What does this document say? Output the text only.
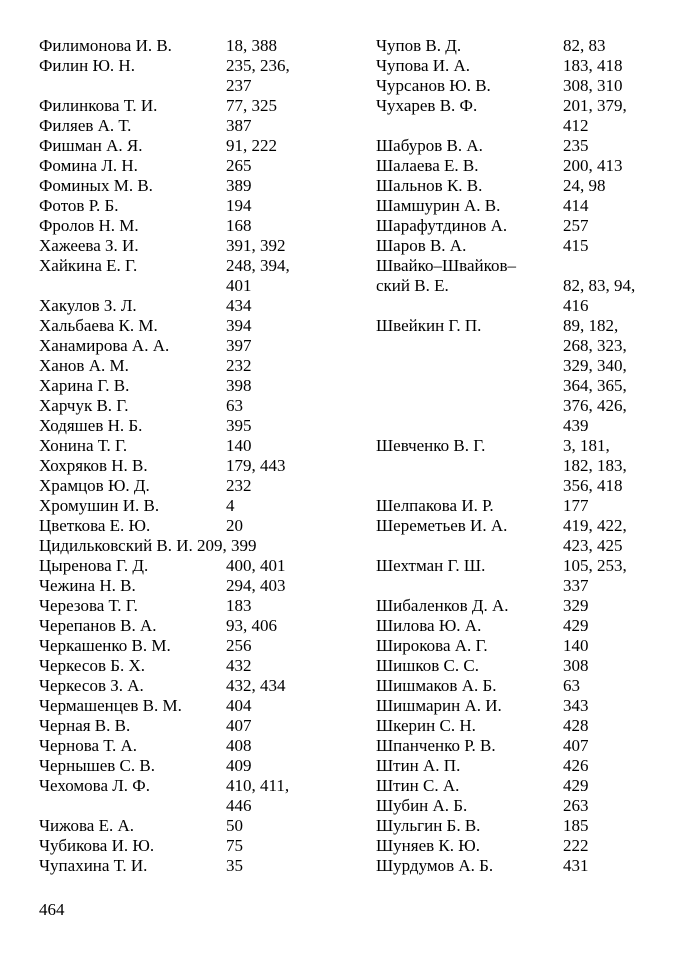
Филимонова И. В.	18, 388
Филин Ю. Н.	235, 236,
237
Филинкова Т. И.	77, 325
Филяев А. Т.	387
Фишман А. Я.	91, 222
Фомина Л. Н.	265
Фоминых М. В.	389
Фотов Р. Б.	194
Фролов Н. М.	168
Хажеева З. И.	391, 392
Хайкина Е. Г.	248, 394,
401
Хакулов З. Л.	434
Хальбаева К. М.	394
Ханамирова А. А.	397
Ханов А. М.	232
Харина Г. В.	398
Харчук В. Г.	63
Ходяшев Н. Б.	395
Хонина Т. Г.	140
Хохряков Н. В.	179, 443
Храмцов Ю. Д.	232
Хромушин И. В.	4
Цветкова Е. Ю.	20
Цидильковский В. И. 209, 399
Цыренова Г. Д.	400, 401
Чежина Н. В.	294, 403
Черезова Т. Г.	183
Черепанов В. А.	93, 406
Черкашенко В. М.	256
Черкесов Б. Х.	432
Черкесов З. А.	432, 434
Чермашенцев В. М.	404
Черная В. В.	407
Чернова Т. А.	408
Чернышев С. В.	409
Чехомова Л. Ф.	410, 411,
446
Чижова Е. А.	50
Чубикова И. Ю.	75
Чупахина Т. И.	35
Чупов В. Д.	82, 83
Чупова И. А.	183, 418
Чурсанов Ю. В.	308, 310
Чухарев В. Ф.	201, 379,
412
Шабуров В. А.	235
Шалаева Е. В.	200, 413
Шальнов К. В.	24, 98
Шамшурин А. В.	414
Шарафутдинов А.	257
Шаров В. А.	415
Швайко–Швайков–
ский В. Е.	82, 83, 94,
416
Швейкин Г. П.	89, 182,
268, 323,
329, 340,
364, 365,
376, 426,
439
Шевченко В. Г.	3, 181,
182, 183,
356, 418
Шелпакова И. Р.	177
Шереметьев И. А.	419, 422,
423, 425
Шехтман Г. Ш.	105, 253,
337
Шибаленков Д. А.	329
Шилова Ю. А.	429
Широкова А. Г.	140
Шишков С. С.	308
Шишмаков А. Б.	63
Шишмарин А. И.	343
Шкерин С. Н.	428
Шпанченко Р. В.	407
Штин А. П.	426
Штин С. А.	429
Шубин А. Б.	263
Шульгин Б. В.	185
Шуняев К. Ю.	222
Шурдумов А. Б.	431
464
